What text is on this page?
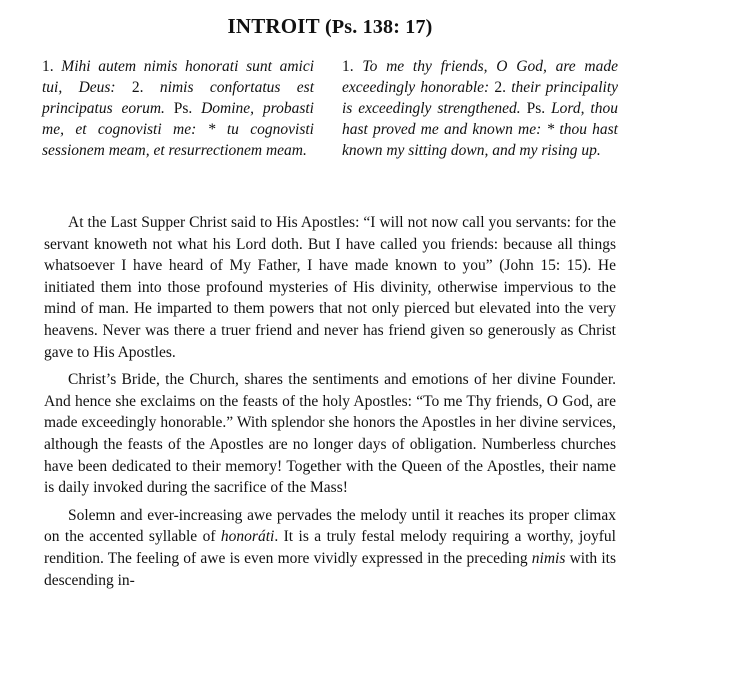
INTROIT (Ps. 138: 17)

1. Mihi autem nimis honorati sunt amici tui, Deus: 2. nimis confortatus est principatus eorum. Ps. Domine, probasti me, et cognovisti me: * tu cognovisti sessionem meam, et resurrectionem meam.

1. To me thy friends, O God, are made exceedingly honorable: 2. their principality is exceedingly strengthened. Ps. Lord, thou hast proved me and known me: * thou hast known my sitting down, and my rising up.

At the Last Supper Christ said to His Apostles: “I will not now call you servants: for the servant knoweth not what his Lord doth. But I have called you friends: because all things whatsoever I have heard of My Father, I have made known to you” (John 15: 15). He initiated them into those profound mysteries of His divinity, otherwise impervious to the mind of man. He imparted to them powers that not only pierced but elevated into the very heavens. Never was there a truer friend and never has friend given so generously as Christ gave to His Apostles.

Christ’s Bride, the Church, shares the sentiments and emotions of her divine Founder. And hence she exclaims on the feasts of the holy Apostles: “To me Thy friends, O God, are made exceedingly honorable.” With splendor she honors the Apostles in her divine services, although the feasts of the Apostles are no longer days of obligation. Numberless churches have been dedicated to their memory! Together with the Queen of the Apostles, their name is daily invoked during the sacrifice of the Mass!

Solemn and ever-increasing awe pervades the melody until it reaches its proper climax on the accented syllable of honoráti. It is a truly festal melody requiring a worthy, joyful rendition. The feeling of awe is even more vividly expressed in the preceding nimis with its descending in-
